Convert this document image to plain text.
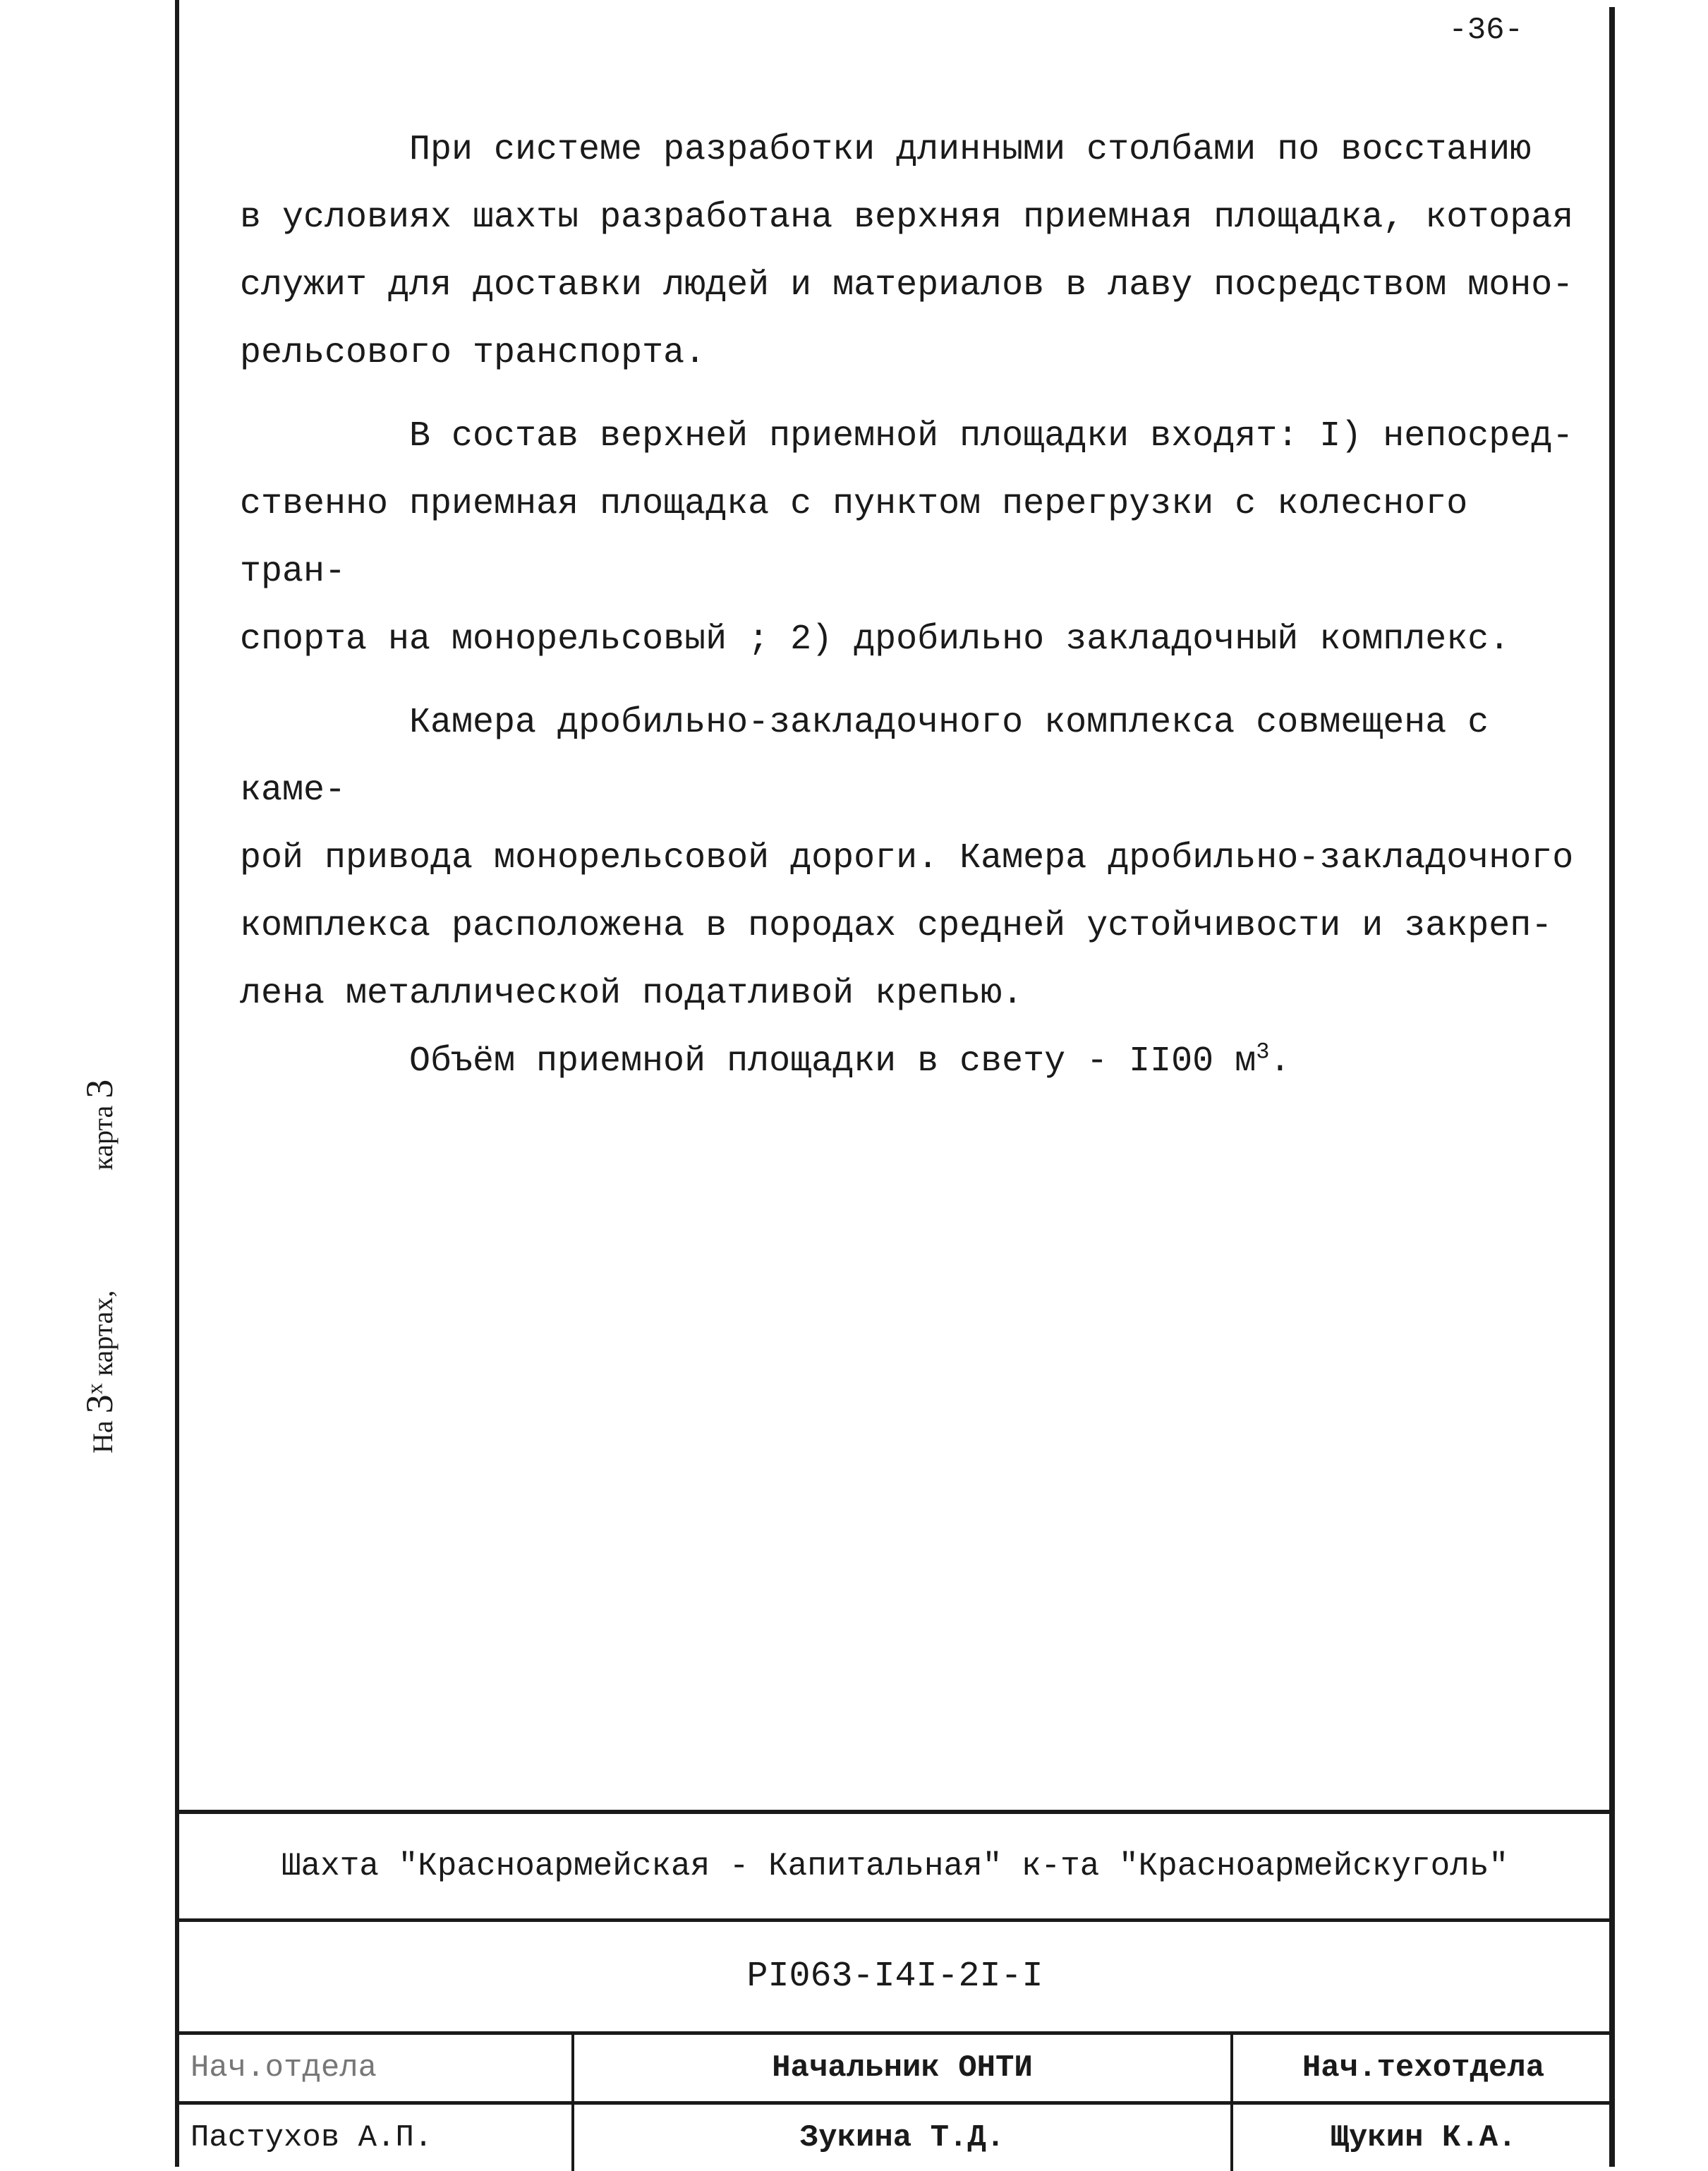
-36-
На $3^х$ картах,  карта 3

При системе разработки длинными столбами по восстанию
в условиях шахты разработана верхняя приемная площадка, которая
служит для доставки людей и материалов в лаву посредством моно-
рельсового транспорта.

В состав верхней приемной площадки входят: I) непосред-
ственно приемная площадка с пунктом перегрузки с колесного тран-
спорта на монорельсовый ; 2) дробильно закладочный комплекс.

Камера дробильно-закладочного комплекса совмещена с каме-
рой привода монорельсовой дороги. Камера дробильно-закладочного
комплекса расположена в породах средней устойчивости и закреп-
лена металлической податливой крепью.

Объём приемной площадки в свету - II00 $м^3$.

Шахта "Красноармейская - Капитальная" к-та "Красноармейскуголь"
PI063-I4I-2I-I
Нач.отдела	Начальник ОНТИ	Нач.техотдела
Пастухов А.П.	Зукина Т.Д.	Щукин К.А.
